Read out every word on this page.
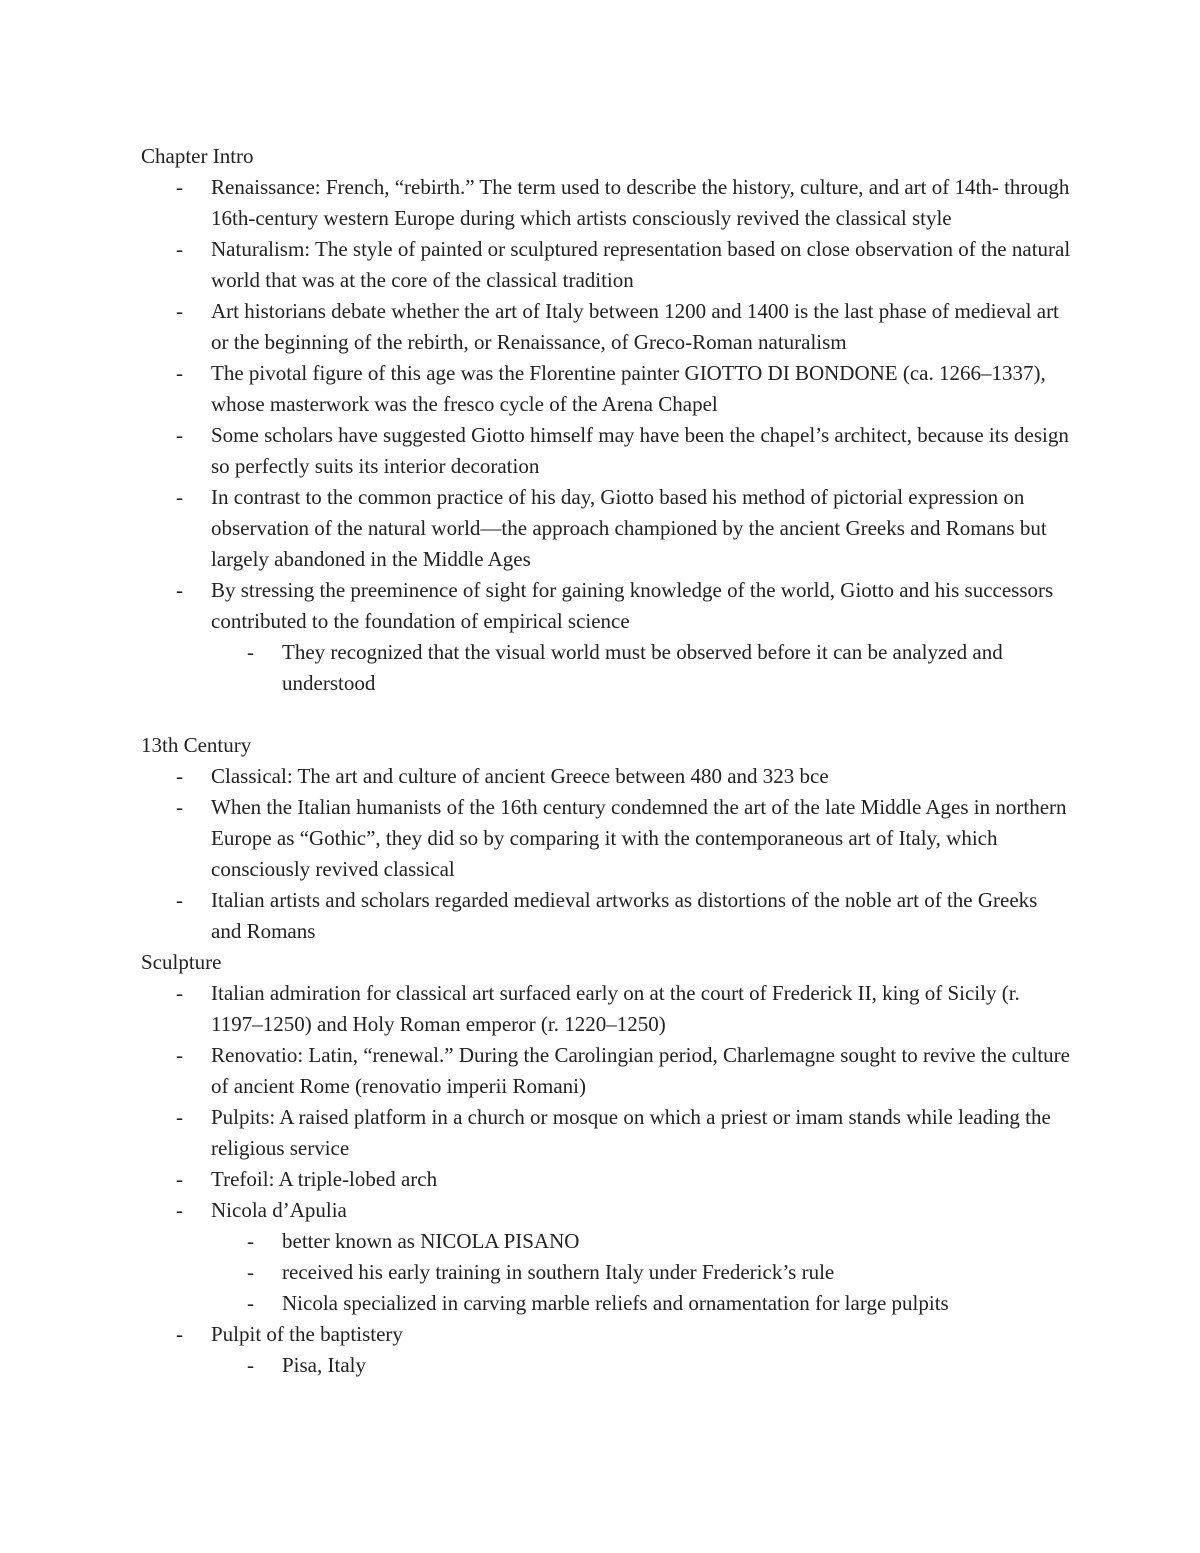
Chapter Intro
- Renaissance: French, “rebirth.” The term used to describe the history, culture, and art of 14th- through 16th-century western Europe during which artists consciously revived the classical style
- Naturalism: The style of painted or sculptured representation based on close observation of the natural world that was at the core of the classical tradition
- Art historians debate whether the art of Italy between 1200 and 1400 is the last phase of medieval art or the beginning of the rebirth, or Renaissance, of Greco-Roman naturalism
- The pivotal figure of this age was the Florentine painter GIOTTO DI BONDONE (ca. 1266–1337), whose masterwork was the fresco cycle of the Arena Chapel
- Some scholars have suggested Giotto himself may have been the chapel’s architect, because its design so perfectly suits its interior decoration
- In contrast to the common practice of his day, Giotto based his method of pictorial expression on observation of the natural world—the approach championed by the ancient Greeks and Romans but largely abandoned in the Middle Ages
- By stressing the preeminence of sight for gaining knowledge of the world, Giotto and his successors contributed to the foundation of empirical science
- They recognized that the visual world must be observed before it can be analyzed and understood
13th Century
- Classical: The art and culture of ancient Greece between 480 and 323 bce
- When the Italian humanists of the 16th century condemned the art of the late Middle Ages in northern Europe as “Gothic”, they did so by comparing it with the contemporaneous art of Italy, which consciously revived classical
- Italian artists and scholars regarded medieval artworks as distortions of the noble art of the Greeks and Romans
Sculpture
- Italian admiration for classical art surfaced early on at the court of Frederick II, king of Sicily (r. 1197–1250) and Holy Roman emperor (r. 1220–1250)
- Renovatio: Latin, “renewal.” During the Carolingian period, Charlemagne sought to revive the culture of ancient Rome (renovatio imperii Romani)
- Pulpits: A raised platform in a church or mosque on which a priest or imam stands while leading the religious service
- Trefoil: A triple-lobed arch
- Nicola d’Apulia
- better known as NICOLA PISANO
- received his early training in southern Italy under Frederick’s rule
- Nicola specialized in carving marble reliefs and ornamentation for large pulpits
- Pulpit of the baptistery
- Pisa, Italy
